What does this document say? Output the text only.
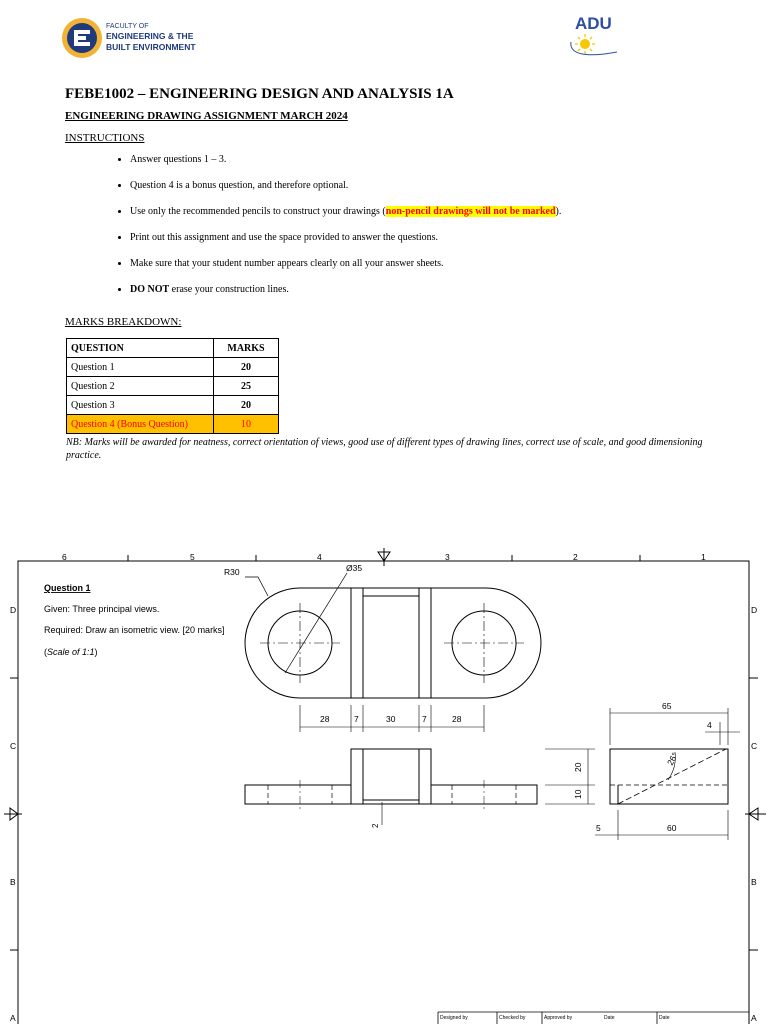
FACULTY OF
ENGINEERING & THE
BUILT ENVIRONMENT
ADU
FEBE1002 – ENGINEERING DESIGN AND ANALYSIS 1A
ENGINEERING DRAWING ASSIGNMENT MARCH 2024
INSTRUCTIONS
• Answer questions 1 – 3.
• Question 4 is a bonus question, and therefore optional.
• Use only the recommended pencils to construct your drawings (non-pencil drawings will not be marked).
• Print out this assignment and use the space provided to answer the questions.
• Make sure that your student number appears clearly on all your answer sheets.
• DO NOT erase your construction lines.
MARKS BREAKDOWN:
QUESTION	MARKS
Question 1	20
Question 2	25
Question 3	20
Question 4 (Bonus Question)	10
NB: Marks will be awarded for neatness, correct orientation of views, good use of different types of drawing lines, correct use of scale, and good dimensioning practice.
6	5	4	3	2	1
D
C
B
A
D
C
B
A
Question 1
Given: Three principal views.
Required: Draw an isometric view. [20 marks]
(Scale of 1:1)
R30	Ø35
28	7	30	7	28
2
20
10
65
4
26°
5	60
Designed by	Checked by	Approved by	Date	Date
